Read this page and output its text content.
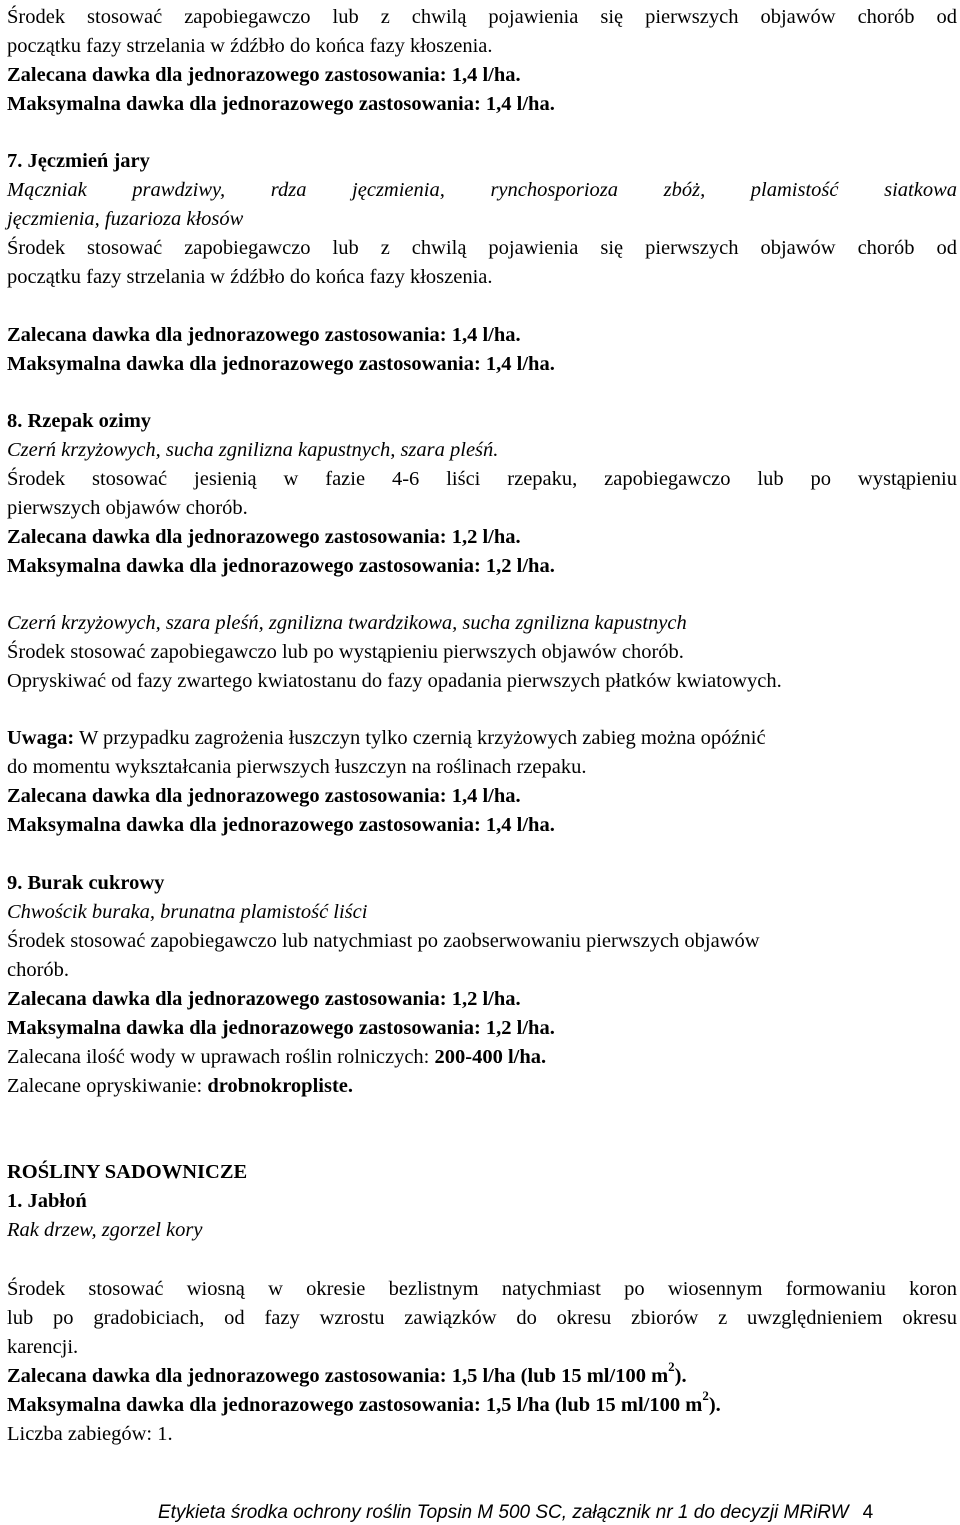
Środek stosować zapobiegawczo lub z chwilą pojawienia się pierwszych objawów chorób od
początku fazy strzelania w źdźbło do końca fazy kłoszenia.
Zalecana dawka dla jednorazowego zastosowania: 1,4 l/ha.
Maksymalna dawka dla jednorazowego zastosowania: 1,4 l/ha.
7. Jęczmień jary
Mączniak prawdziwy, rdza jęczmienia, rynchosporioza zbóż, plamistość siatkowa
jęczmienia, fuzarioza kłosów
Środek stosować zapobiegawczo lub z chwilą pojawienia się pierwszych objawów chorób od
początku fazy strzelania w źdźbło do końca fazy kłoszenia.
Zalecana dawka dla jednorazowego zastosowania: 1,4 l/ha.
Maksymalna dawka dla jednorazowego zastosowania: 1,4 l/ha.
8. Rzepak ozimy
Czerń krzyżowych, sucha zgnilizna kapustnych, szara pleśń.
Środek stosować jesienią w fazie 4-6 liści rzepaku, zapobiegawczo lub po wystąpieniu
pierwszych objawów chorób.
Zalecana dawka dla jednorazowego zastosowania: 1,2 l/ha.
Maksymalna dawka dla jednorazowego zastosowania: 1,2 l/ha.
Czerń krzyżowych, szara pleśń, zgnilizna twardzikowa, sucha zgnilizna kapustnych
Środek stosować zapobiegawczo lub po wystąpieniu pierwszych objawów chorób.
Opryskiwać od fazy zwartego kwiatostanu do fazy opadania pierwszych płatków kwiatowych.
Uwaga: W przypadku zagrożenia łuszczyn tylko czernią krzyżowych zabieg można opóźnić
do momentu wykształcania pierwszych łuszczyn na roślinach rzepaku.
Zalecana dawka dla jednorazowego zastosowania: 1,4 l/ha.
Maksymalna dawka dla jednorazowego zastosowania: 1,4 l/ha.
9. Burak cukrowy
Chwościk buraka, brunatna plamistość liści
Środek stosować zapobiegawczo lub natychmiast po zaobserwowaniu pierwszych objawów
chorób.
Zalecana dawka dla jednorazowego zastosowania: 1,2 l/ha.
Maksymalna dawka dla jednorazowego zastosowania: 1,2 l/ha.
Zalecana ilość wody w uprawach roślin rolniczych: 200-400 l/ha.
Zalecane opryskiwanie: drobnokropliste.
ROŚLINY SADOWNICZE
1. Jabłoń
Rak drzew, zgorzel kory
Środek stosować wiosną w okresie bezlistnym natychmiast po wiosennym formowaniu koron
lub po gradobiciach, od fazy wzrostu zawiązków do okresu zbiorów z uwzględnieniem okresu
karencji.
Zalecana dawka dla jednorazowego zastosowania: 1,5 l/ha (lub 15 ml/100 $m^2$).
Maksymalna dawka dla jednorazowego zastosowania: 1,5 l/ha (lub 15 ml/100 $m^2$).
Liczba zabiegów: 1.
Etykieta środka ochrony roślin Topsin M 500 SC, załącznik nr 1 do decyzji MRiRW 4
